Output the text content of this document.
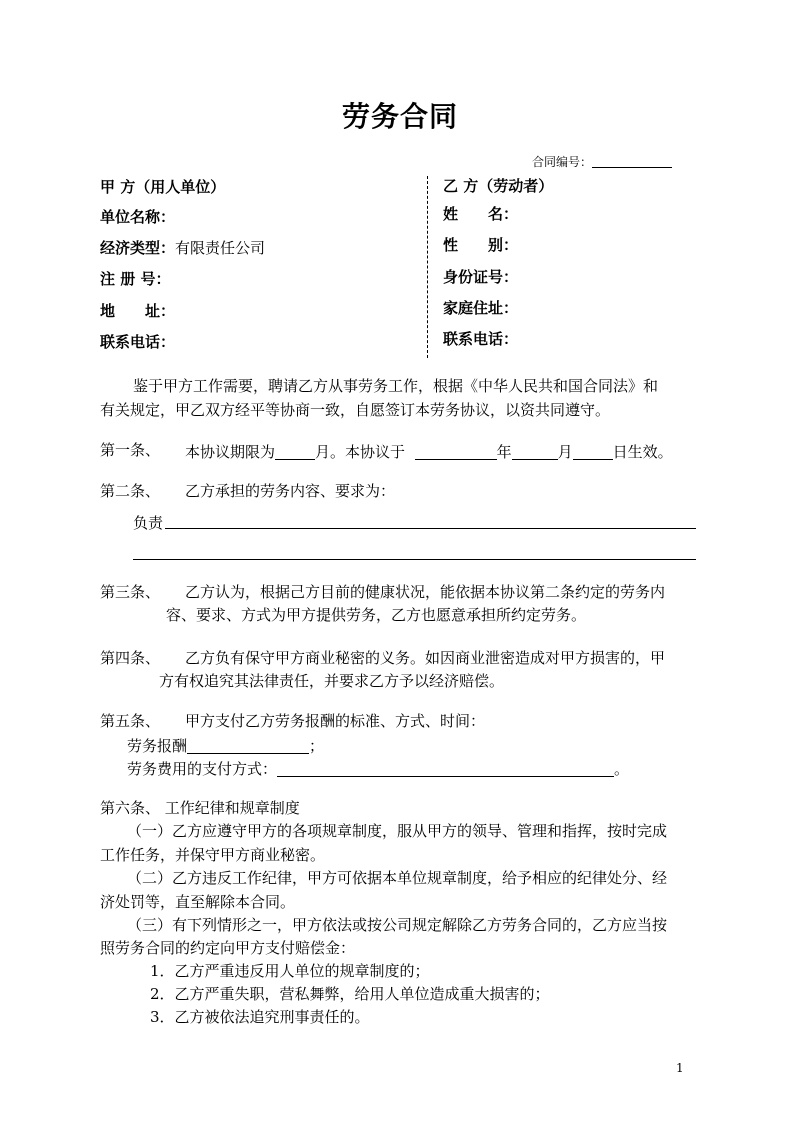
劳务合同
合同编号：
甲 方（用人单位）
单位名称：
经济类型：有限责任公司
注 册 号：
地　　址：
联系电话：
乙 方（劳动者）
姓　　名：
性　　别：
身份证号：
家庭住址：
联系电话：
鉴于甲方工作需要，聘请乙方从事劳务工作，根据《中华人民共和国合同法》和
有关规定，甲乙双方经平等协商一致，自愿签订本劳务协议，以资共同遵守。
第一条、 本协议期限为	月。本协议于	年	月	日生效。
第二条、 乙方承担的劳务内容、要求为：
负责
第三条、 乙方认为，根据己方目前的健康状况，能依据本协议第二条约定的劳务内
容、要求、方式为甲方提供劳务，乙方也愿意承担所约定劳务。
第四条、 乙方负有保守甲方商业秘密的义务。如因商业泄密造成对甲方损害的，甲
方有权追究其法律责任，并要求乙方予以经济赔偿。
第五条、 甲方支付乙方劳务报酬的标准、方式、时间：
劳务报酬	；
劳务费用的支付方式：	。
第六条、 工作纪律和规章制度
（一）乙方应遵守甲方的各项规章制度，服从甲方的领导、管理和指挥，按时完成
工作任务，并保守甲方商业秘密。
（二）乙方违反工作纪律，甲方可依据本单位规章制度，给予相应的纪律处分、经
济处罚等，直至解除本合同。
（三）有下列情形之一，甲方依法或按公司规定解除乙方劳务合同的，乙方应当按
照劳务合同的约定向甲方支付赔偿金：
1．乙方严重违反用人单位的规章制度的；
2．乙方严重失职，营私舞弊，给用人单位造成重大损害的；
3．乙方被依法追究刑事责任的。
1
